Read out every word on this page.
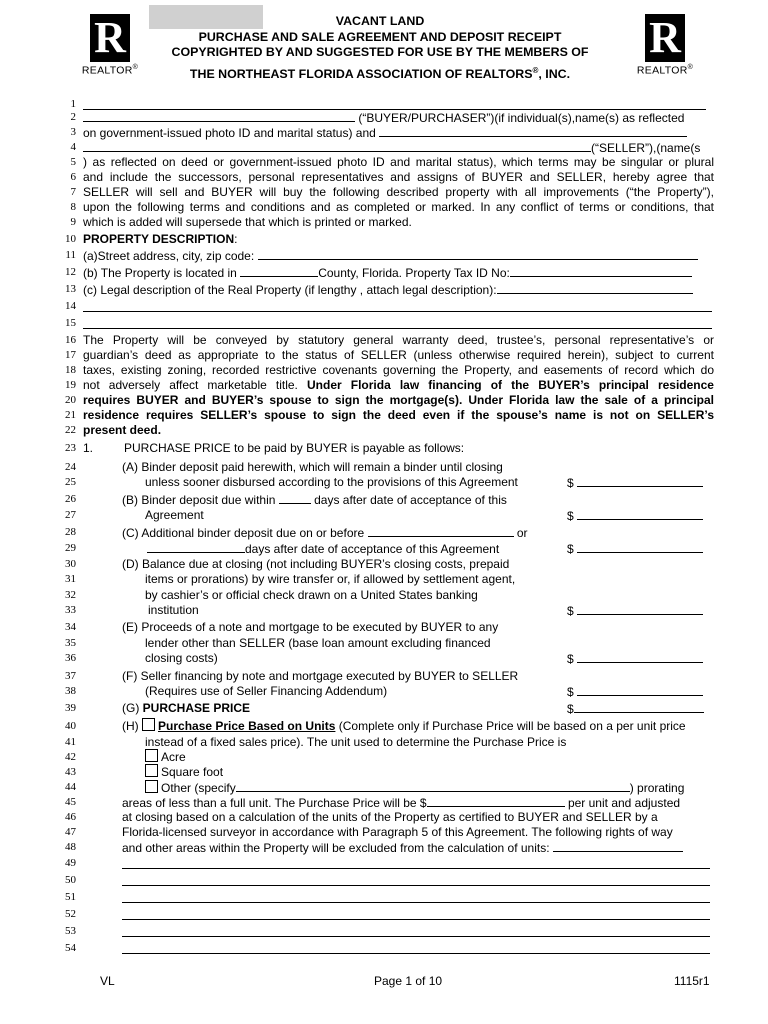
R
REALTOR®
R
REALTOR®
VACANT LAND
PURCHASE AND SALE AGREEMENT AND DEPOSIT RECEIPT
COPYRIGHTED BY AND SUGGESTED FOR USE BY THE MEMBERS OF
THE NORTHEAST FLORIDA ASSOCIATION OF REALTORS®, INC.
1
2	(“BUYER/PURCHASER”)(if individual(s),name(s) as reflected
3 on government-issued photo ID and marital status) and
4	(“SELLER”),(name(s
5 ) as reflected on deed or government-issued photo ID and marital status), which terms may be singular or plural
6 and include the successors, personal representatives and assigns of BUYER and SELLER, hereby agree that
7 SELLER will sell and BUYER will buy the following described property with all improvements (“the Property”),
8 upon the following terms and conditions and as completed or marked. In any conflict of terms or conditions, that
9 which is added will supersede that which is printed or marked.
10 PROPERTY DESCRIPTION:
11 (a)Street address, city, zip code:
12 (b) The Property is located in	County, Florida. Property Tax ID No:
13 (c) Legal description of the Real Property (if lengthy , attach legal description):
14
15
16 The Property will be conveyed by statutory general warranty deed, trustee’s, personal representative’s or
17 guardian’s deed as appropriate to the status of SELLER (unless otherwise required herein), subject to current
18 taxes, existing zoning, recorded restrictive covenants governing the Property, and easements of record which do
19 not adversely affect marketable title. Under Florida law financing of the BUYER’s principal residence
20 requires BUYER and BUYER’s spouse to sign the mortgage(s). Under Florida law the sale of a principal
21 residence requires SELLER’s spouse to sign the deed even if the spouse’s name is not on SELLER’s
22 present deed.
23 1.	PURCHASE PRICE to be paid by BUYER is payable as follows:
24	(A) Binder deposit paid herewith, which will remain a binder until closing
25	unless sooner disbursed according to the provisions of this Agreement	$
26	(B) Binder deposit due within	days after date of acceptance of this
27	Agreement	$
28	(C) Additional binder deposit due on or before	or
29	days after date of acceptance of this Agreement	$
30	(D) Balance due at closing (not including BUYER’s closing costs, prepaid
31	items or prorations) by wire transfer or, if allowed by settlement agent,
32	by cashier’s or official check drawn on a United States banking
33	institution	$
34	(E) Proceeds of a note and mortgage to be executed by BUYER to any
35	lender other than SELLER (base loan amount excluding financed
36	closing costs)	$
37	(F) Seller financing by note and mortgage executed by BUYER to SELLER
38	(Requires use of Seller Financing Addendum)	$
39	(G) PURCHASE PRICE	$
40	(H) Purchase Price Based on Units (Complete only if Purchase Price will be based on a per unit price
41	instead of a fixed sales price). The unit used to determine the Purchase Price is
42	Acre
43	Square foot
44	Other (specify	) prorating
45	areas of less than a full unit. The Purchase Price will be $	per unit and adjusted
46	at closing based on a calculation of the units of the Property as certified to BUYER and SELLER by a
47	Florida-licensed surveyor in accordance with Paragraph 5 of this Agreement. The following rights of way
48	and other areas within the Property will be excluded from the calculation of units:
49
50
51
52
53
54
VL	Page 1 of 10	1115r1
